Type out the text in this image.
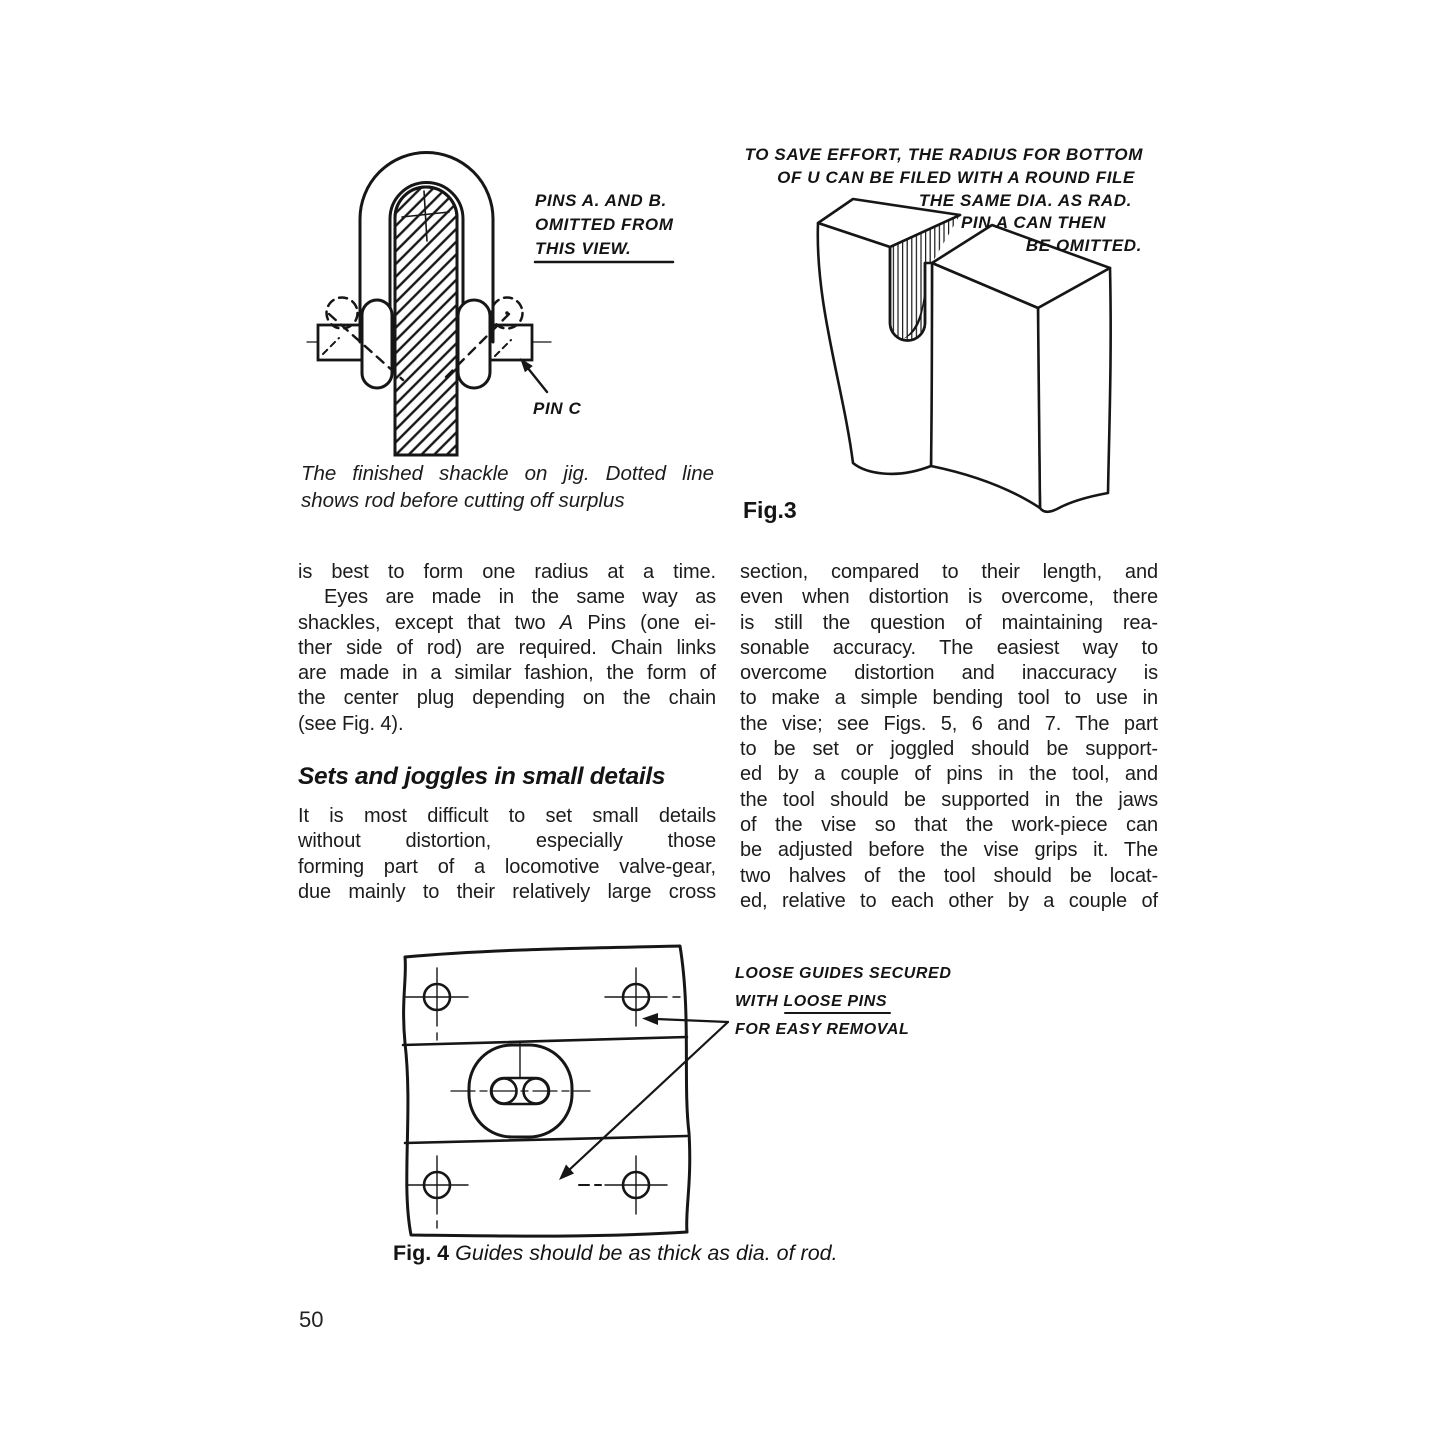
PINS A. AND B.
OMITTED FROM
THIS VIEW.
PIN C
The finished shackle on jig. Dotted line
shows rod before cutting off surplus
TO SAVE EFFORT, THE RADIUS FOR BOTTOM
OF U CAN BE FILED WITH A ROUND FILE
THE SAME DIA. AS RAD.
PIN A CAN THEN
BE OMITTED.
Fig.3
is best to form one radius at a time.
Eyes are made in the same way as
shackles, except that two A Pins (one ei-
ther side of rod) are required. Chain links
are made in a similar fashion, the form of
the center plug depending on the chain
(see Fig. 4).
Sets and joggles in small details
It is most difficult to set small details
without distortion, especially those
forming part of a locomotive valve-gear,
due mainly to their relatively large cross
section, compared to their length, and
even when distortion is overcome, there
is still the question of maintaining rea-
sonable accuracy. The easiest way to
overcome distortion and inaccuracy is
to make a simple bending tool to use in
the vise; see Figs. 5, 6 and 7. The part
to be set or joggled should be support-
ed by a couple of pins in the tool, and
the tool should be supported in the jaws
of the vise so that the work-piece can
be adjusted before the vise grips it. The
two halves of the tool should be locat-
ed, relative to each other by a couple of
LOOSE GUIDES SECURED
WITH LOOSE PINS
FOR EASY REMOVAL
Fig. 4 Guides should be as thick as dia. of rod.
50
